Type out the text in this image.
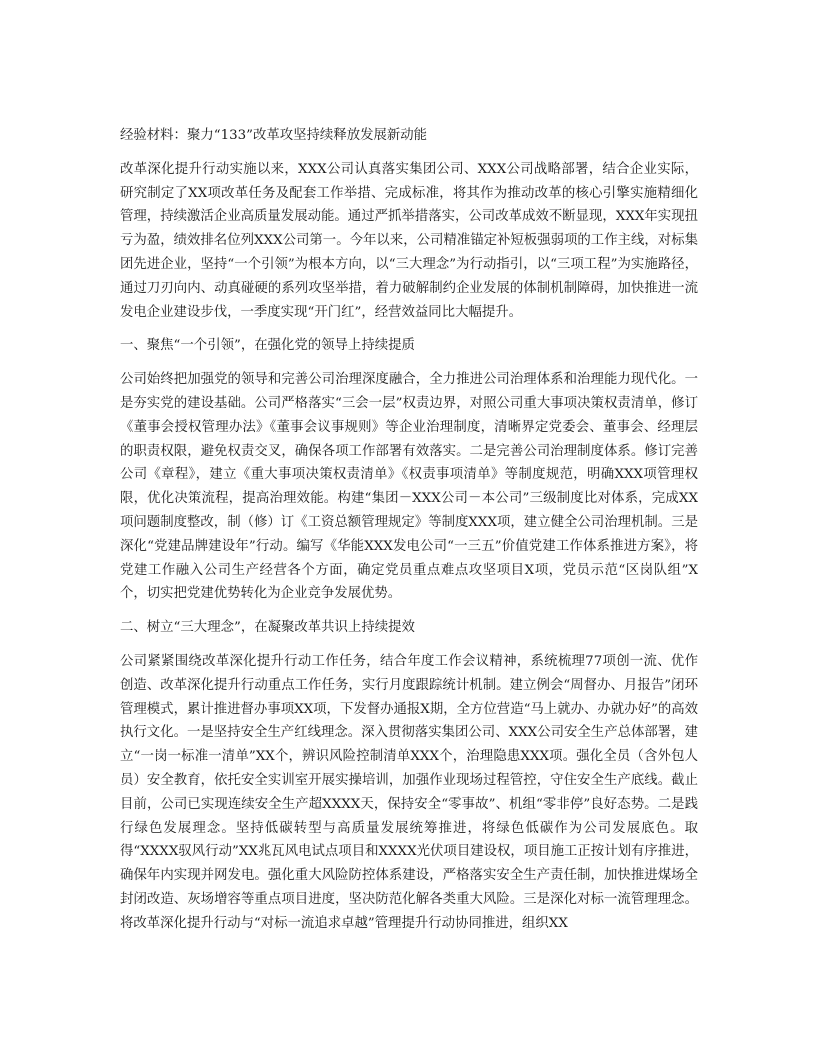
经验材料：聚力“133”改革攻坚持续释放发展新动能

改革深化提升行动实施以来，XXX公司认真落实集团公司、XXX公司战略部署，结合企业实际，研究制定了XX项改革任务及配套工作举措、完成标准，将其作为推动改革的核心引擎实施精细化管理，持续激活企业高质量发展动能。通过严抓举措落实，公司改革成效不断显现，XXX年实现扭亏为盈，绩效排名位列XXX公司第一。今年以来，公司精准锚定补短板强弱项的工作主线，对标集团先进企业，坚持“一个引领”为根本方向，以“三大理念”为行动指引，以“三项工程”为实施路径，通过刀刃向内、动真碰硬的系列攻坚举措，着力破解制约企业发展的体制机制障碍，加快推进一流发电企业建设步伐，一季度实现“开门红”，经营效益同比大幅提升。

一、聚焦“一个引领”，在强化党的领导上持续提质

公司始终把加强党的领导和完善公司治理深度融合，全力推进公司治理体系和治理能力现代化。一是夯实党的建设基础。公司严格落实“三会一层”权责边界，对照公司重大事项决策权责清单，修订《董事会授权管理办法》《董事会议事规则》等企业治理制度，清晰界定党委会、董事会、经理层的职责权限，避免权责交叉，确保各项工作部署有效落实。二是完善公司治理制度体系。修订完善公司《章程》，建立《重大事项决策权责清单》《权责事项清单》等制度规范，明确XXX项管理权限，优化决策流程，提高治理效能。构建“集团－XXX公司－本公司”三级制度比对体系，完成XX项问题制度整改，制（修）订《工资总额管理规定》等制度XXX项，建立健全公司治理机制。三是深化“党建品牌建设年”行动。编写《华能XXX发电公司“一三五”价值党建工作体系推进方案》，将党建工作融入公司生产经营各个方面，确定党员重点难点攻坚项目X项，党员示范“区岗队组”X个，切实把党建优势转化为企业竞争发展优势。

二、树立“三大理念”，在凝聚改革共识上持续提效

公司紧紧围绕改革深化提升行动工作任务，结合年度工作会议精神，系统梳理77项创一流、优作创造、改革深化提升行动重点工作任务，实行月度跟踪统计机制。建立例会“周督办、月报告”闭环管理模式，累计推进督办事项XX项，下发督办通报X期，全方位营造“马上就办、办就办好”的高效执行文化。一是坚持安全生产红线理念。深入贯彻落实集团公司、XXX公司安全生产总体部署，建立“一岗一标准一清单”XX个，辨识风险控制清单XXX个，治理隐患XXX项。强化全员（含外包人员）安全教育，依托安全实训室开展实操培训，加强作业现场过程管控，守住安全生产底线。截止目前，公司已实现连续安全生产超XXXX天，保持安全“零事故”、机组“零非停”良好态势。二是践行绿色发展理念。坚持低碳转型与高质量发展统筹推进，将绿色低碳作为公司发展底色。取得“XXXX驭风行动”XX兆瓦风电试点项目和XXXX光伏项目建设权，项目施工正按计划有序推进，确保年内实现并网发电。强化重大风险防控体系建设，严格落实安全生产责任制，加快推进煤场全封闭改造、灰场增容等重点项目进度，坚决防范化解各类重大风险。三是深化对标一流管理理念。将改革深化提升行动与“对标一流追求卓越”管理提升行动协同推进，组织XX
